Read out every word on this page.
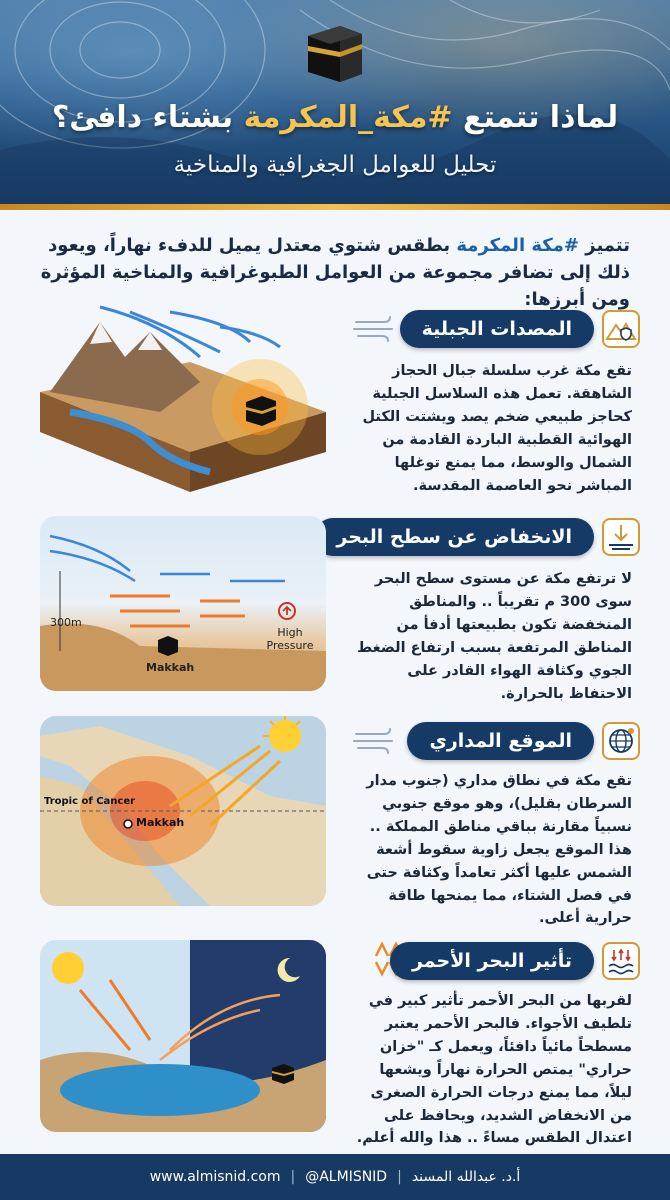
لماذا تتمتع #مكة_المكرمة بشتاء دافئ؟
تحليل للعوامل الجغرافية والمناخية
تتميز #مكة المكرمة بطقس شتوي معتدل يميل للدفء نهاراً، ويعود ذلك إلى تضافر مجموعة من العوامل الطبوغرافية والمناخية المؤثرة ومن أبرزها:
المصدات الجبلية
تقع مكة غرب سلسلة جبال الحجاز الشاهقة. تعمل هذه السلاسل الجبلية كحاجز طبيعي ضخم يصد ويشتت الكتل الهوائية القطبية الباردة القادمة من الشمال والوسط، مما يمنع توغلها المباشر نحو العاصمة المقدسة.
الانخفاض عن سطح البحر
لا ترتفع مكة عن مستوى سطح البحر سوى 300 م تقريباً .. والمناطق المنخفضة تكون بطبيعتها أدفأ من المناطق المرتفعة بسبب ارتفاع الضغط الجوي وكثافة الهواء القادر على الاحتفاظ بالحرارة.
300m
Makkah
High
Pressure
الموقع المداري
تقع مكة في نطاق مداري (جنوب مدار السرطان بقليل)، وهو موقع جنوبي نسبياً مقارنة بباقي مناطق المملكة .. هذا الموقع يجعل زاوية سقوط أشعة الشمس عليها أكثر تعامداً وكثافة حتى في فصل الشتاء، مما يمنحها طاقة حرارية أعلى.
Tropic of Cancer
Makkah
تأثير البحر الأحمر
لقربها من البحر الأحمر تأثير كبير في تلطيف الأجواء. فالبحر الأحمر يعتبر مسطحاً مائياً دافئاً، ويعمل كـ "خزان حراري" يمتص الحرارة نهاراً ويشعها ليلاً، مما يمنع درجات الحرارة الصغرى من الانخفاض الشديد، ويحافظ على اعتدال الطقس مساءً .. هذا والله أعلم.
www.almisnid.com | @ALMISNID | أ.د. عبدالله المسند
